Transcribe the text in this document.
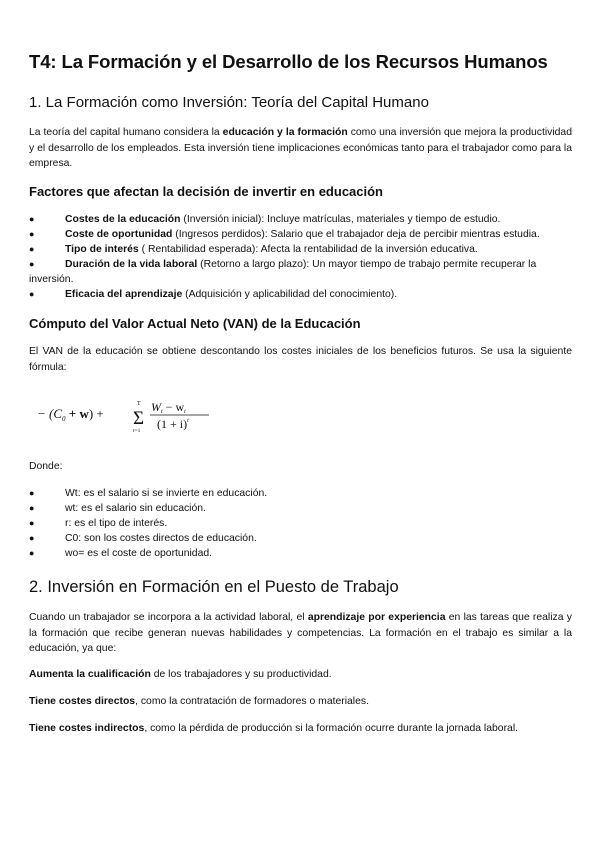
T4: La Formación y el Desarrollo de los Recursos Humanos
1. La Formación como Inversión: Teoría del Capital Humano

La teoría del capital humano considera la educación y la formación como una inversión que mejora la productividad y el desarrollo de los empleados. Esta inversión tiene implicaciones económicas tanto para el trabajador como para la empresa.

Factores que afectan la decisión de invertir en educación
●	Costes de la educación (Inversión inicial): Incluye matrículas, materiales y tiempo de estudio.
●	Coste de oportunidad (Ingresos perdidos): Salario que el trabajador deja de percibir mientras estudia.
●	Tipo de interés ( Rentabilidad esperada): Afecta la rentabilidad de la inversión educativa.
●	Duración de la vida laboral (Retorno a largo plazo): Un mayor tiempo de trabajo permite recuperar la
inversión.
●	Eficacia del aprendizaje (Adquisición y aplicabilidad del conocimiento).
Cómputo del Valor Actual Neto (VAN) de la Educación

El VAN de la educación se obtiene descontando los costes iniciales de los beneficios futuros. Se usa la siguiente fórmula:

− $(C_0 + w)$ +
T
Σ
t=1
Wt − wt
$(1 + i)^t$

Donde:

●	Wt: es el salario si se invierte en educación.
●	wt: es el salario sin educación.
●	r: es el tipo de interés.
●	C0: son los costes directos de educación.
●	wo= es el coste de oportunidad.
2. Inversión en Formación en el Puesto de Trabajo

Cuando un trabajador se incorpora a la actividad laboral, el aprendizaje por experiencia en las tareas que realiza y la formación que recibe generan nuevas habilidades y competencias. La formación en el trabajo es similar a la educación, ya que:

Aumenta la cualificación de los trabajadores y su productividad.

Tiene costes directos, como la contratación de formadores o materiales.

Tiene costes indirectos, como la pérdida de producción si la formación ocurre durante la jornada laboral.
